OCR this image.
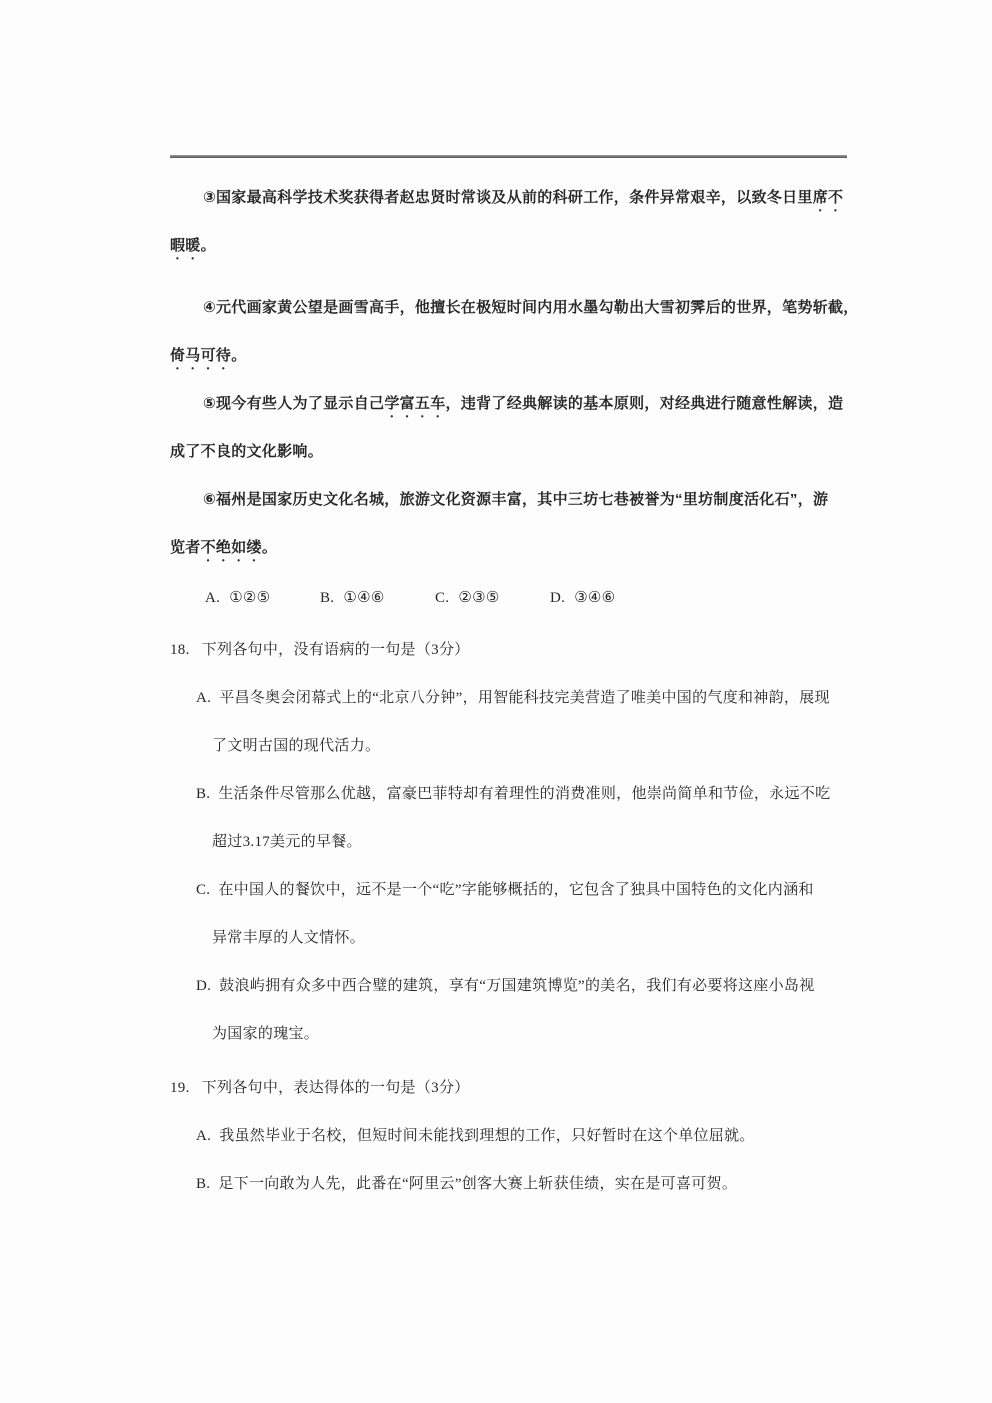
③国家最高科学技术奖获得者赵忠贤时常谈及从前的科研工作，条件异常艰辛，以致冬日里席不
暇暖。
④元代画家黄公望是画雪高手，他擅长在极短时间内用水墨勾勒出大雪初霁后的世界，笔势斩截，
倚马可待。
⑤现今有些人为了显示自己学富五车，违背了经典解读的基本原则，对经典进行随意性解读，造
成了不良的文化影响。
⑥福州是国家历史文化名城，旅游文化资源丰富，其中三坊七巷被誉为“里坊制度活化石”，游
览者不绝如缕。
A. ①②⑤	B. ①④⑥	C. ②③⑤	D. ③④⑥
18. 下列各句中，没有语病的一句是（3分）
A. 平昌冬奥会闭幕式上的“北京八分钟”，用智能科技完美营造了唯美中国的气度和神韵，展现
了文明古国的现代活力。
B. 生活条件尽管那么优越，富豪巴菲特却有着理性的消费准则，他崇尚简单和节俭，永远不吃
超过3.17美元的早餐。
C. 在中国人的餐饮中，远不是一个“吃”字能够概括的，它包含了独具中国特色的文化内涵和
异常丰厚的人文情怀。
D. 鼓浪屿拥有众多中西合璧的建筑，享有“万国建筑博览”的美名，我们有必要将这座小岛视
为国家的瑰宝。
19. 下列各句中，表达得体的一句是（3分）
A. 我虽然毕业于名校，但短时间未能找到理想的工作，只好暂时在这个单位屈就。
B. 足下一向敢为人先，此番在“阿里云”创客大赛上斩获佳绩，实在是可喜可贺。
